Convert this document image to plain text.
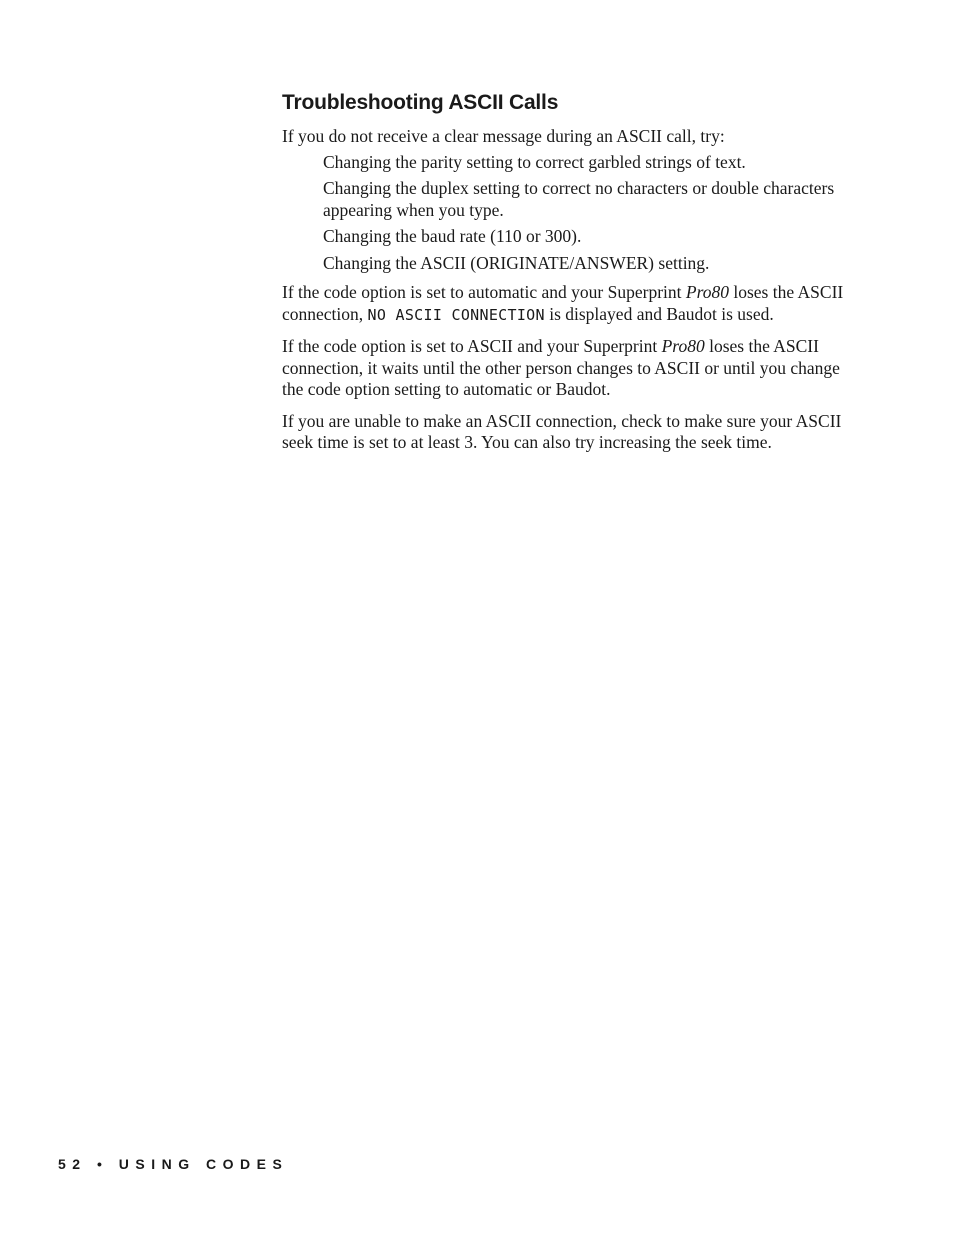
Troubleshooting ASCII Calls

If you do not receive a clear message during an ASCII call, try:

Changing the parity setting to correct garbled strings of text.

Changing the duplex setting to correct no characters or double characters appearing when you type.

Changing the baud rate (110 or 300).

Changing the ASCII (ORIGINATE/ANSWER) setting.

If the code option is set to automatic and your Superprint Pro80 loses the ASCII connection, NO ASCII CONNECTION is displayed and Baudot is used.

If the code option is set to ASCII and your Superprint Pro80 loses the ASCII connection, it waits until the other person changes to ASCII or until you change the code option setting to automatic or Baudot.

If you are unable to make an ASCII connection, check to make sure your ASCII seek time is set to at least 3. You can also try increasing the seek time.

52 • USING CODES
